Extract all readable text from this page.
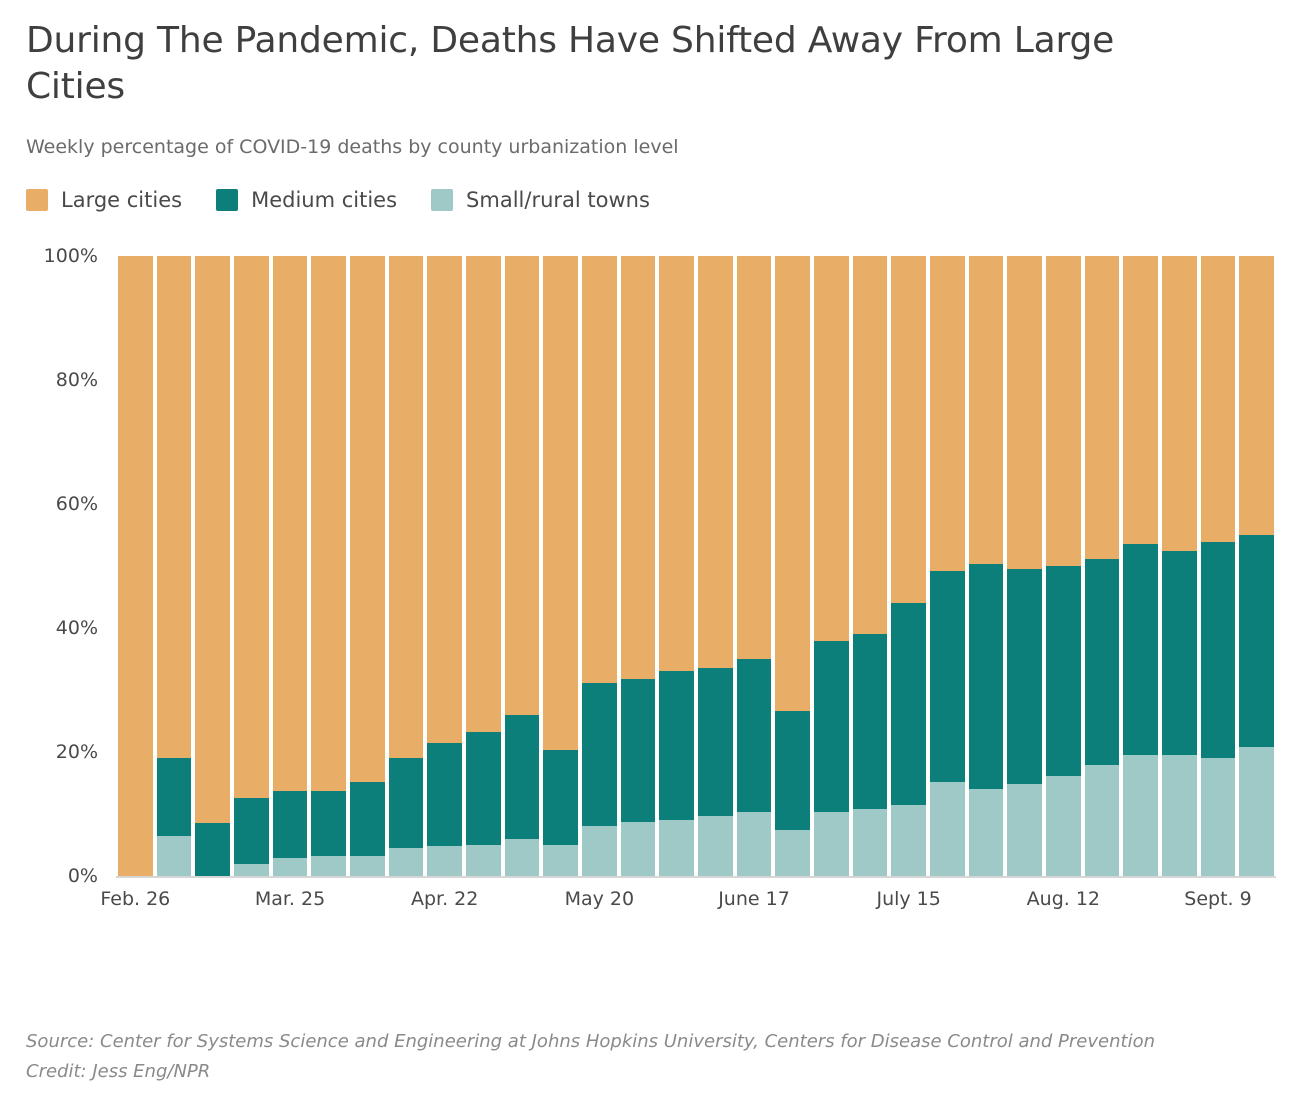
During The Pandemic, Deaths Have Shifted Away From Large Cities

Weekly percentage of COVID-19 deaths by county urbanization level

Large cities	Medium cities	Small/rural towns
0%
20%
40%
60%
80%
100%
Feb. 26	Mar. 25	Apr. 22	May 20	June 17	July 15	Aug. 12	Sept. 9
Source: Center for Systems Science and Engineering at Johns Hopkins University, Centers for Disease Control and Prevention
Credit: Jess Eng/NPR
